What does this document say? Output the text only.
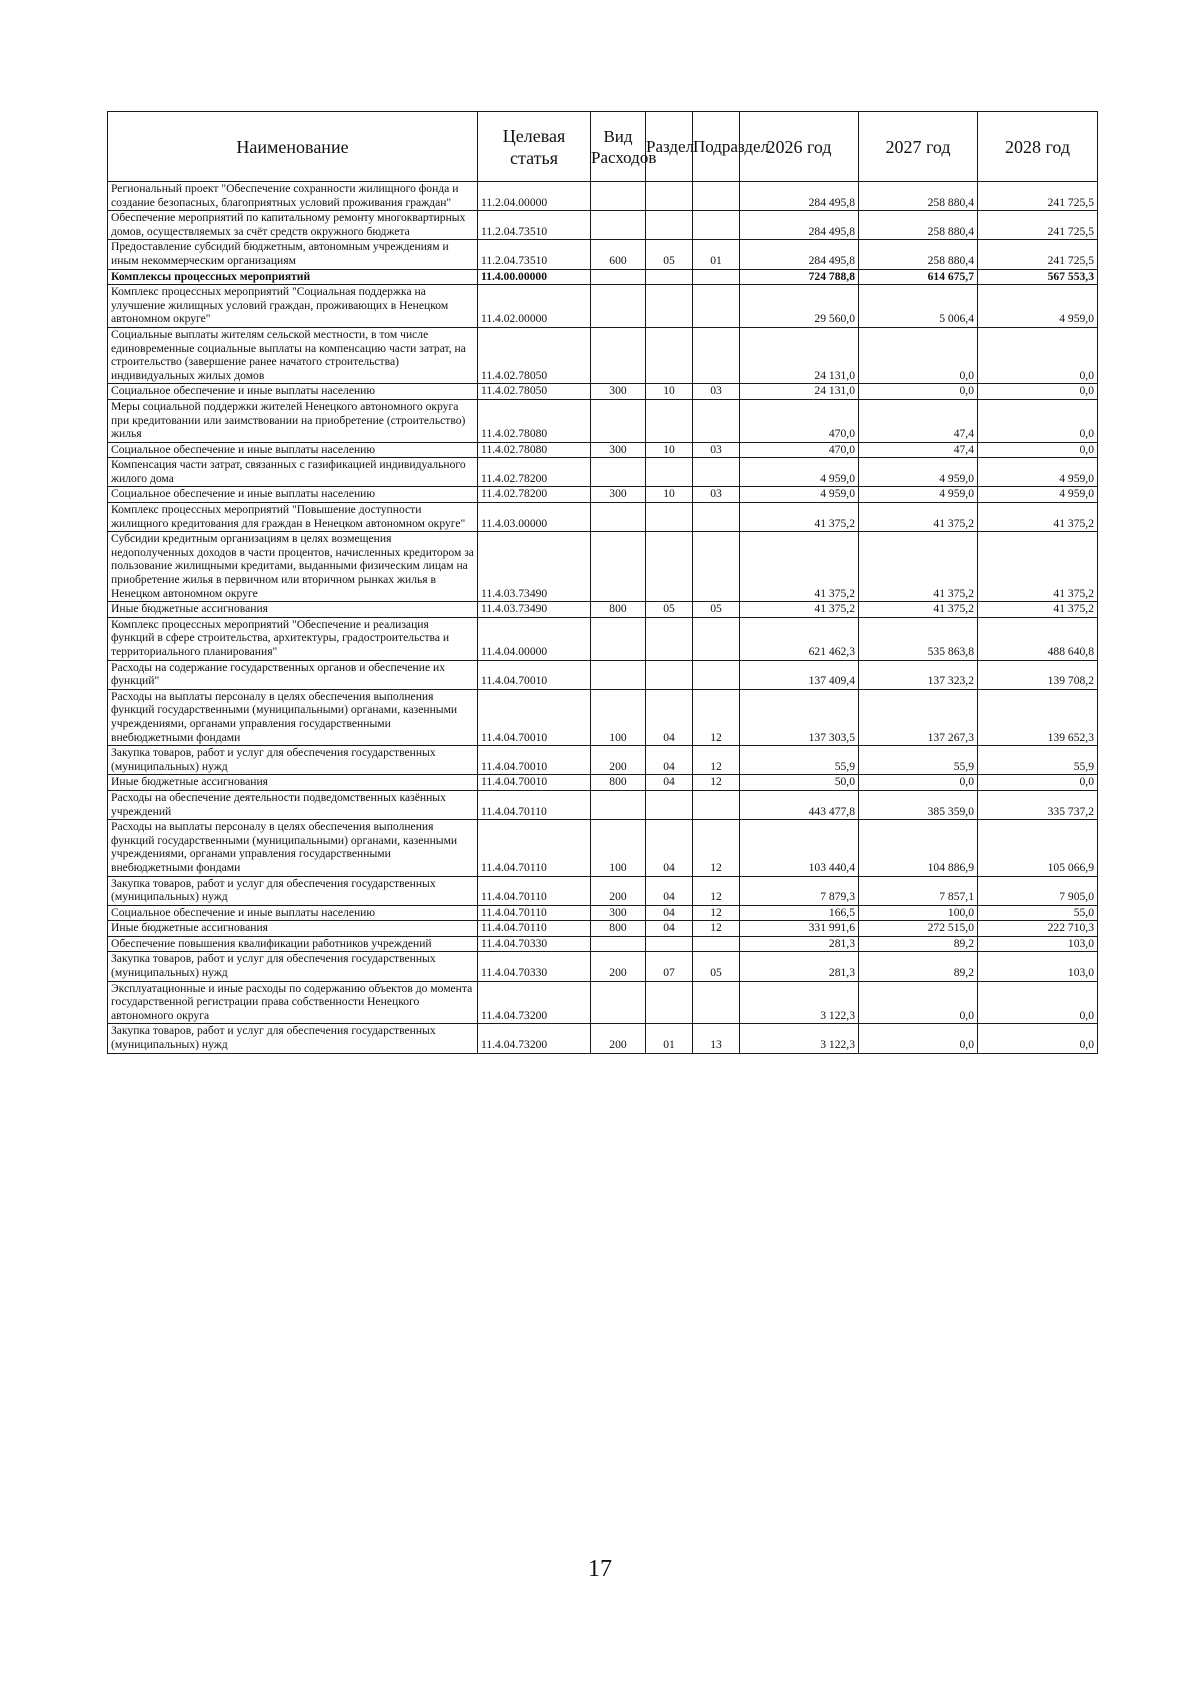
Наименование	Целевая статья	Вид Расходов	Раздел	Подраздел	2026 год	2027 год	2028 год
Региональный проект "Обеспечение сохранности жилищного фонда и создание безопасных, благоприятных условий проживания граждан"	11.2.04.00000				284 495,8	258 880,4	241 725,5
Обеспечение мероприятий по капитальному ремонту многоквартирных домов, осуществляемых за счёт средств окружного бюджета	11.2.04.73510				284 495,8	258 880,4	241 725,5
Предоставление субсидий бюджетным, автономным учреждениям и иным некоммерческим организациям	11.2.04.73510	600	05	01	284 495,8	258 880,4	241 725,5
Комплексы процессных мероприятий	11.4.00.00000				724 788,8	614 675,7	567 553,3
Комплекс процессных мероприятий "Социальная поддержка на улучшение жилищных условий граждан, проживающих в Ненецком автономном округе"	11.4.02.00000				29 560,0	5 006,4	4 959,0
Социальные выплаты жителям сельской местности, в том числе единовременные социальные выплаты на компенсацию части затрат, на строительство (завершение ранее начатого строительства) индивидуальных жилых домов	11.4.02.78050				24 131,0	0,0	0,0
Социальное обеспечение и иные выплаты населению	11.4.02.78050	300	10	03	24 131,0	0,0	0,0
Меры социальной поддержки жителей Ненецкого автономного округа при кредитовании или заимствовании на приобретение (строительство) жилья	11.4.02.78080				470,0	47,4	0,0
Социальное обеспечение и иные выплаты населению	11.4.02.78080	300	10	03	470,0	47,4	0,0
Компенсация части затрат, связанных с газификацией индивидуального жилого дома	11.4.02.78200				4 959,0	4 959,0	4 959,0
Социальное обеспечение и иные выплаты населению	11.4.02.78200	300	10	03	4 959,0	4 959,0	4 959,0
Комплекс процессных мероприятий "Повышение доступности жилищного кредитования для граждан в Ненецком автономном округе"	11.4.03.00000				41 375,2	41 375,2	41 375,2
Субсидии кредитным организациям в целях возмещения недополученных доходов в части процентов, начисленных кредитором за пользование жилищными кредитами, выданными физическим лицам на приобретение жилья в первичном или вторичном рынках жилья в Ненецком автономном округе	11.4.03.73490				41 375,2	41 375,2	41 375,2
Иные бюджетные ассигнования	11.4.03.73490	800	05	05	41 375,2	41 375,2	41 375,2
Комплекс процессных мероприятий "Обеспечение и реализация функций в сфере строительства, архитектуры, градостроительства и территориального планирования"	11.4.04.00000				621 462,3	535 863,8	488 640,8
Расходы на содержание государственных органов и обеспечение их функций"	11.4.04.70010				137 409,4	137 323,2	139 708,2
Расходы на выплаты персоналу в целях обеспечения выполнения функций государственными (муниципальными) органами, казенными учреждениями, органами управления государственными внебюджетными фондами	11.4.04.70010	100	04	12	137 303,5	137 267,3	139 652,3
Закупка товаров, работ и услуг для обеспечения государственных (муниципальных) нужд	11.4.04.70010	200	04	12	55,9	55,9	55,9
Иные бюджетные ассигнования	11.4.04.70010	800	04	12	50,0	0,0	0,0
Расходы на обеспечение деятельности подведомственных казённых учреждений	11.4.04.70110				443 477,8	385 359,0	335 737,2
Расходы на выплаты персоналу в целях обеспечения выполнения функций государственными (муниципальными) органами, казенными учреждениями, органами управления государственными внебюджетными фондами	11.4.04.70110	100	04	12	103 440,4	104 886,9	105 066,9
Закупка товаров, работ и услуг для обеспечения государственных (муниципальных) нужд	11.4.04.70110	200	04	12	7 879,3	7 857,1	7 905,0
Социальное обеспечение и иные выплаты населению	11.4.04.70110	300	04	12	166,5	100,0	55,0
Иные бюджетные ассигнования	11.4.04.70110	800	04	12	331 991,6	272 515,0	222 710,3
Обеспечение повышения квалификации работников учреждений	11.4.04.70330				281,3	89,2	103,0
Закупка товаров, работ и услуг для обеспечения государственных (муниципальных) нужд	11.4.04.70330	200	07	05	281,3	89,2	103,0
Эксплуатационные и иные расходы по содержанию объектов до момента государственной регистрации права собственности Ненецкого автономного округа	11.4.04.73200				3 122,3	0,0	0,0
Закупка товаров, работ и услуг для обеспечения государственных (муниципальных) нужд	11.4.04.73200	200	01	13	3 122,3	0,0	0,0
17
